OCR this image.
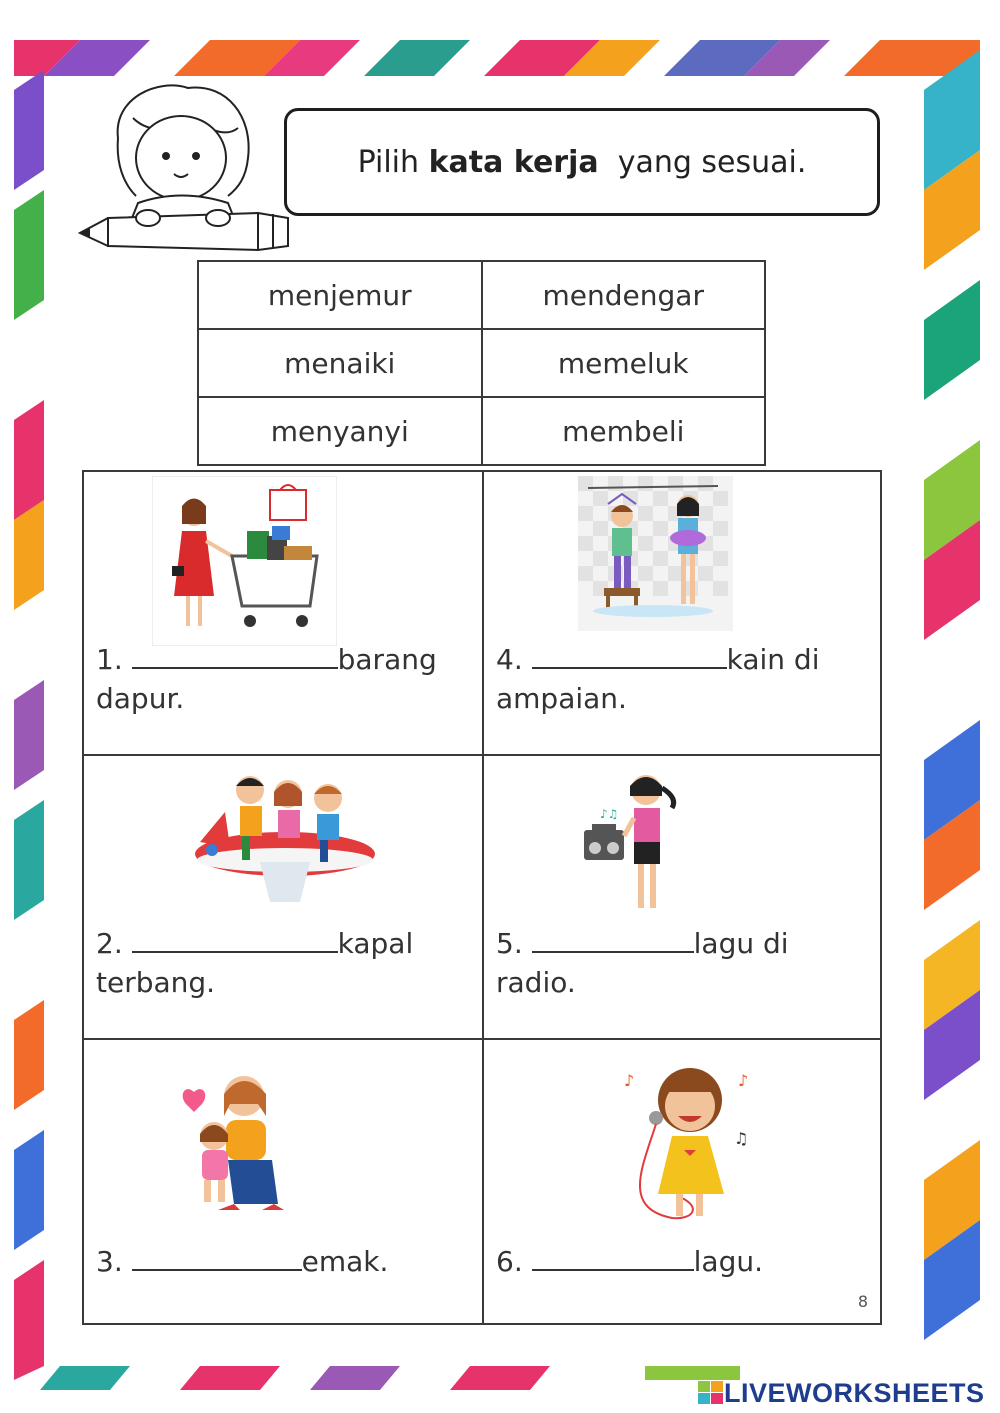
Pilih kata kerja yang sesuai.
menjemur	mendengar
menaiki	memeluk
menyanyi	membeli
1.	barang
dapur.
4.	kain di
ampaian.
2.	kapal
terbang.
♪♫
5.	lagu di
radio.
3.	emak.
♪	♪
♫
6.	lagu.
8
LIVEWORKSHEETS
